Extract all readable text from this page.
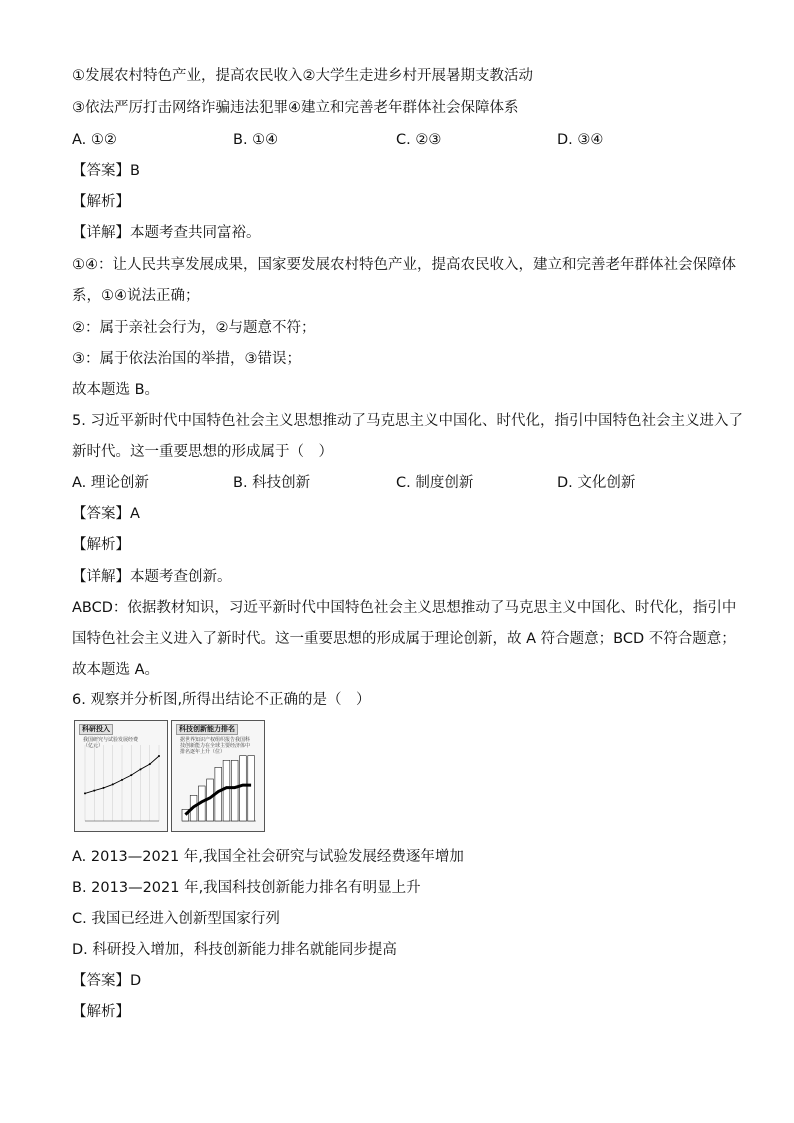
①发展农村特色产业，提高农民收入②大学生走进乡村开展暑期支教活动
③依法严厉打击网络诈骗违法犯罪④建立和完善老年群体社会保障体系
A. ①②	B. ①④	C. ②③	D. ③④
【答案】B
【解析】
【详解】本题考查共同富裕。
①④：让人民共享发展成果，国家要发展农村特色产业，提高农民收入，建立和完善老年群体社会保障体
系，①④说法正确；
②：属于亲社会行为，②与题意不符；
③：属于依法治国的举措，③错误；
故本题选 B。
5. 习近平新时代中国特色社会主义思想推动了马克思主义中国化、时代化，指引中国特色社会主义进入了
新时代。这一重要思想的形成属于（　）
A. 理论创新	B. 科技创新	C. 制度创新	D. 文化创新
【答案】A
【解析】
【详解】本题考查创新。
ABCD：依据教材知识，习近平新时代中国特色社会主义思想推动了马克思主义中国化、时代化，指引中
国特色社会主义进入了新时代。这一重要思想的形成属于理论创新，故 A 符合题意；BCD 不符合题意；
故本题选 A。
6. 观察并分析图,所得出结论不正确的是（　）
科研投入
我国研究与试验发展经费（亿元）
科技创新能力排名
据世界知识产权组织报告我国科技创新能力在全球主要经济体中排名逐年上升（位）
A. 2013—2021 年,我国全社会研究与试验发展经费逐年增加
B. 2013—2021 年,我国科技创新能力排名有明显上升
C. 我国已经进入创新型国家行列
D. 科研投入增加，科技创新能力排名就能同步提高
【答案】D
【解析】
